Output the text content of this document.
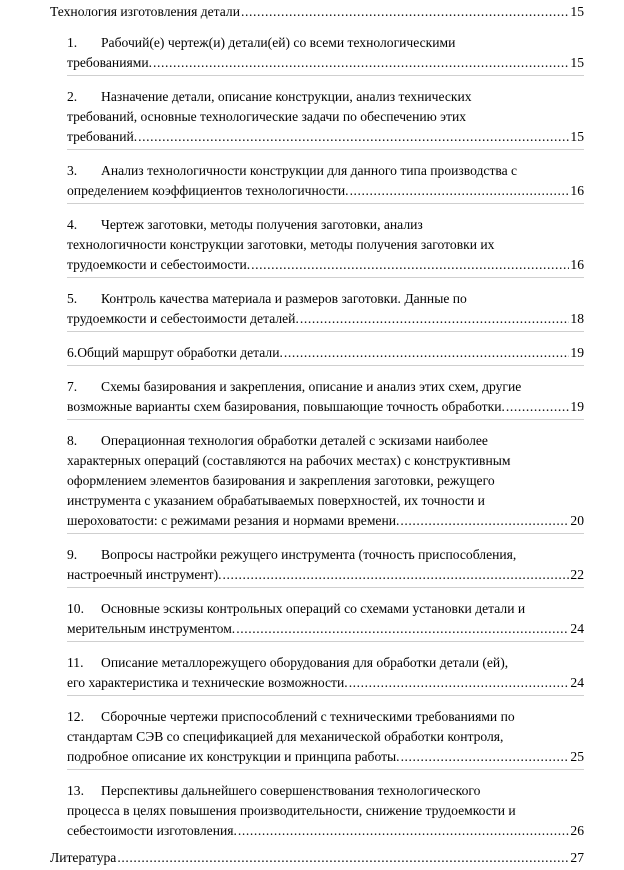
Технология изготовления детали .....	15
1.	Рабочий(е) чертеж(и) детали(ей) со всеми технологическими
требованиями. .....	15
2.	Назначение детали, описание конструкции, анализ технических
требований, основные технологические задачи по обеспечению этих
требований. .....	15
3.	Анализ технологичности конструкции для данного типа производства с
определением коэффициентов технологичности. .....	16
4.	Чертеж заготовки, методы получения заготовки, анализ
технологичности конструкции заготовки, методы получения заготовки их
трудоемкости и себестоимости. .....	16
5.	Контроль качества материала и размеров заготовки. Данные по
трудоемкости и себестоимости деталей. .....	18
6. Общий маршрут обработки детали. .....	19
7.	Схемы базирования и закрепления, описание и анализ этих схем, другие
возможные варианты схем базирования, повышающие точность обработки. .....	19
8.	Операционная технология обработки деталей с эскизами наиболее
характерных операций (составляются на рабочих местах) с конструктивным
оформлением элементов базирования и закрепления заготовки, режущего
инструмента с указанием обрабатываемых поверхностей, их точности и
шероховатости: с режимами резания и нормами времени. .....	20
9.	Вопросы настройки режущего инструмента (точность приспособления,
настроечный инструмент). .....	22
10.	Основные эскизы контрольных операций со схемами установки детали и
мерительным инструментом. .....	24
11.	Описание металлорежущего оборудования для обработки детали (ей),
его характеристика и технические возможности. .....	24
12.	Сборочные чертежи приспособлений с техническими требованиями по
стандартам СЭВ со спецификацией для механической обработки контроля,
подробное описание их конструкции и принципа работы. .....	25
13.	Перспективы дальнейшего совершенствования технологического
процесса в целях повышения производительности, снижение трудоемкости и
себестоимости изготовления. .....	26
Литература .....	27
